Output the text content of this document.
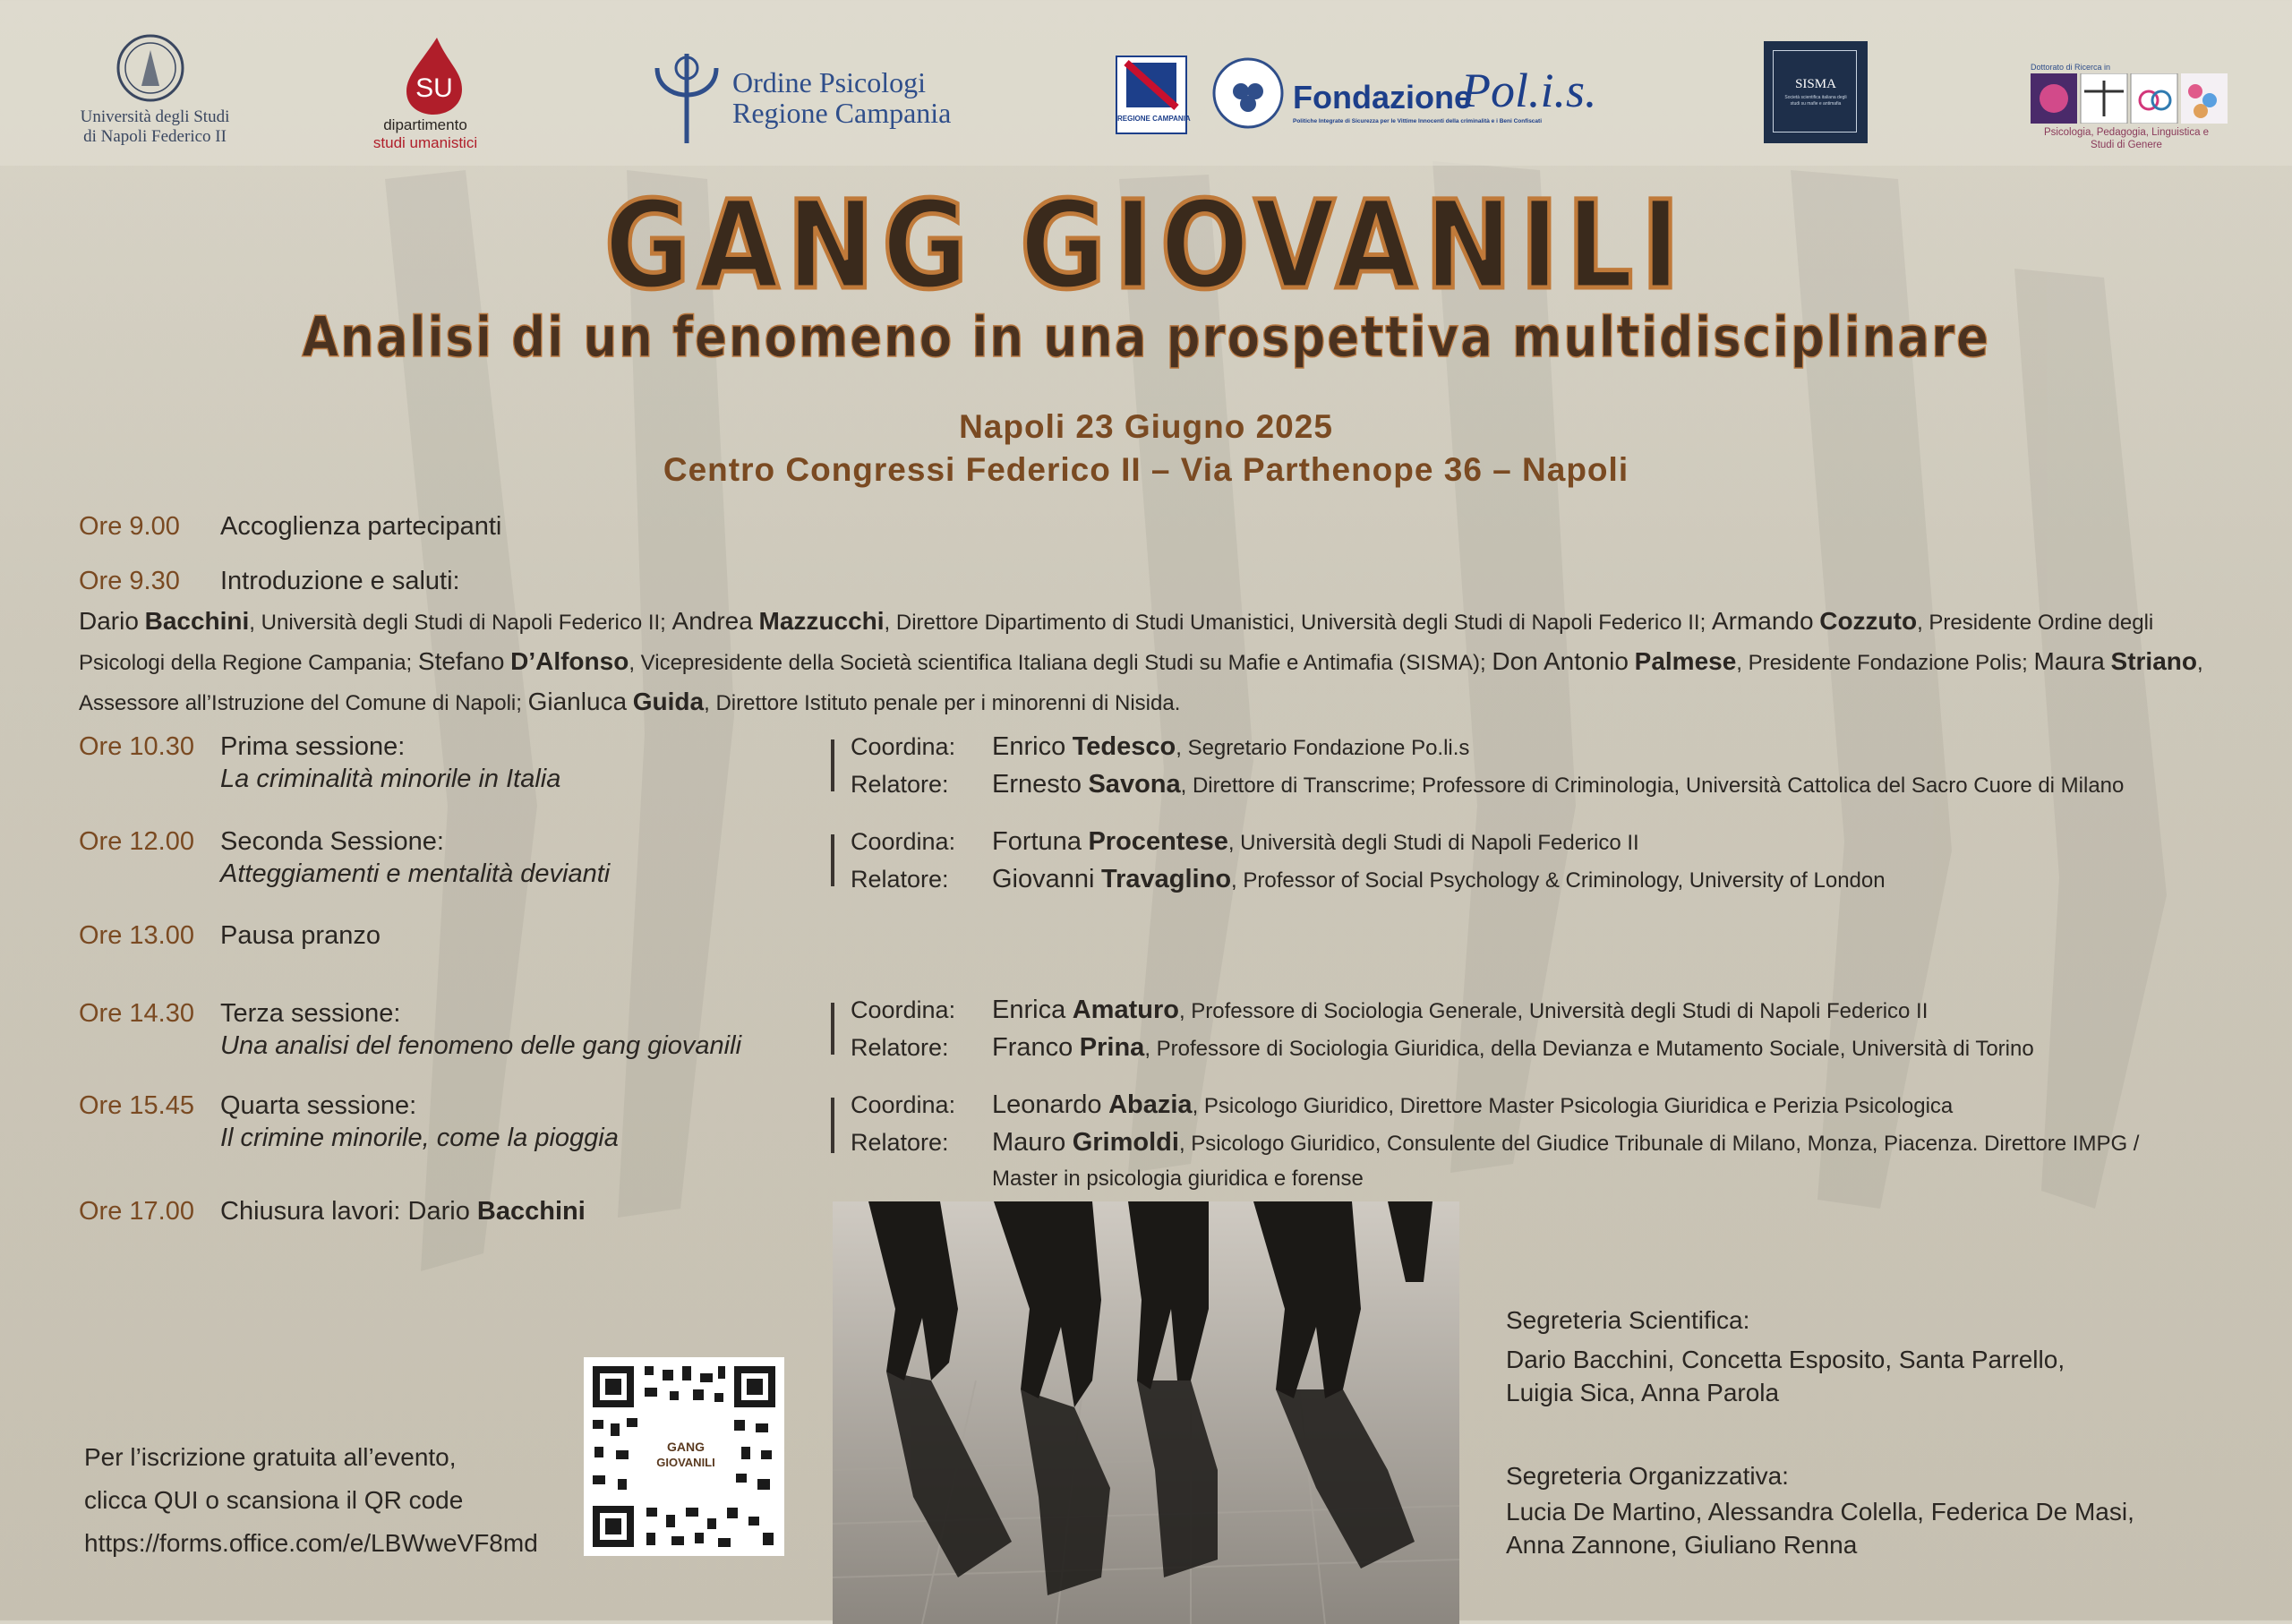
Università degli Studi
di Napoli Federico II
SU
dipartimento
studi umanistici
Ordine Psicologi
Regione Campania	REGIONE CAMPANIA
Fondazione
Pol.i.s.
Politiche Integrate di Sicurezza per le Vittime Innocenti della criminalità e i Beni Confiscati
SISMA
Società scientifica italiana degli studi su mafie e antimafia
Dottorato di Ricerca in
Psicologia, Pedagogia, Linguistica e
Studi di Genere
GANG GIOVANILI
Analisi di un fenomeno in una prospettiva multidisciplinare
Napoli 23 Giugno 2025
Centro Congressi Federico II – Via Parthenope 36 – Napoli
Ore 9.00 Accoglienza partecipanti
Ore 9.30 Introduzione e saluti:
Dario Bacchini, Università degli Studi di Napoli Federico II; Andrea Mazzucchi, Direttore Dipartimento di Studi Umanistici, Università degli Studi di Napoli Federico II; Armando Cozzuto, Presidente Ordine degli Psicologi della Regione Campania; Stefano D’Alfonso, Vicepresidente della Società scientifica Italiana degli Studi su Mafie e Antimafia (SISMA); Don Antonio Palmese, Presidente Fondazione Polis; Maura Striano, Assessore all’Istruzione del Comune di Napoli; Gianluca Guida, Direttore Istituto penale per i minorenni di Nisida.
Ore 10.30 Prima sessione:
La criminalità minorile in Italia
Coordina: Enrico Tedesco, Segretario Fondazione Po.li.s
Relatore: Ernesto Savona, Direttore di Transcrime; Professore di Criminologia, Università Cattolica del Sacro Cuore di Milano
Ore 12.00 Seconda Sessione:
Atteggiamenti e mentalità devianti
Coordina: Fortuna Procentese, Università degli Studi di Napoli Federico II
Relatore: Giovanni Travaglino, Professor of Social Psychology & Criminology, University of London
Ore 13.00 Pausa pranzo
Ore 14.30 Terza sessione:
Una analisi del fenomeno delle gang giovanili
Coordina: Enrica Amaturo, Professore di Sociologia Generale, Università degli Studi di Napoli Federico II
Relatore: Franco Prina, Professore di Sociologia Giuridica, della Devianza e Mutamento Sociale, Università di Torino
Ore 15.45 Quarta sessione:
Il crimine minorile, come la pioggia
Coordina: Leonardo Abazia, Psicologo Giuridico, Direttore Master Psicologia Giuridica e Perizia Psicologica
Relatore: Mauro Grimoldi, Psicologo Giuridico, Consulente del Giudice Tribunale di Milano, Monza, Piacenza. Direttore IMPG /
Master in psicologia giuridica e forense
Ore 17.00 Chiusura lavori: Dario Bacchini
Per l’iscrizione gratuita all’evento,
clicca QUI o scansiona il QR code
https://forms.office.com/e/LBWweVF8md
GANG
GIOVANILI
Segreteria Scientifica:
Dario Bacchini, Concetta Esposito, Santa Parrello,
Luigia Sica, Anna Parola
Segreteria Organizzativa:
Lucia De Martino, Alessandra Colella, Federica De Masi,
Anna Zannone, Giuliano Renna
